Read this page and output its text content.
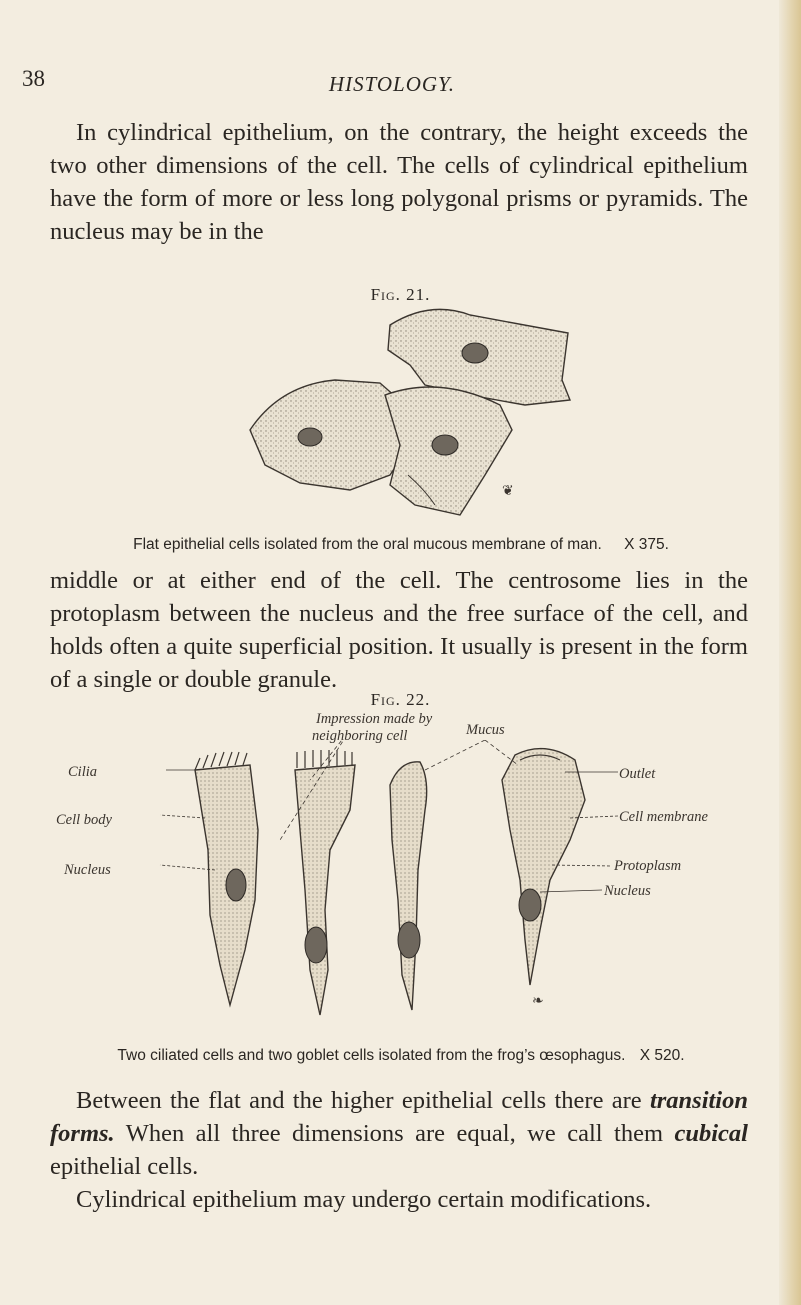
38	HISTOLOGY.

In cylindrical epithelium, on the contrary, the height exceeds the two other dimensions of the cell. The cells of cylindrical epithelium have the form of more or less long polygonal prisms or pyramids. The nucleus may be in the

Fig. 21.
❦
Flat epithelial cells isolated from the oral mucous membrane of man. X 375.

middle or at either end of the cell. The centrosome lies in the protoplasm between the nucleus and the free surface of the cell, and holds often a quite superficial position. It usually is present in the form of a single or double granule.

Fig. 22.
Impression made by
neighboring cell	Mucus
Cilia
Cell body
Nucleus
Outlet
Cell membrane
Protoplasm
Nucleus
❧
Two ciliated cells and two goblet cells isolated from the frog’s œsophagus. X 520.

Between the flat and the higher epithelial cells there are transition forms. When all three dimensions are equal, we call them cubical epithelial cells.

Cylindrical epithelium may undergo certain modifications.
